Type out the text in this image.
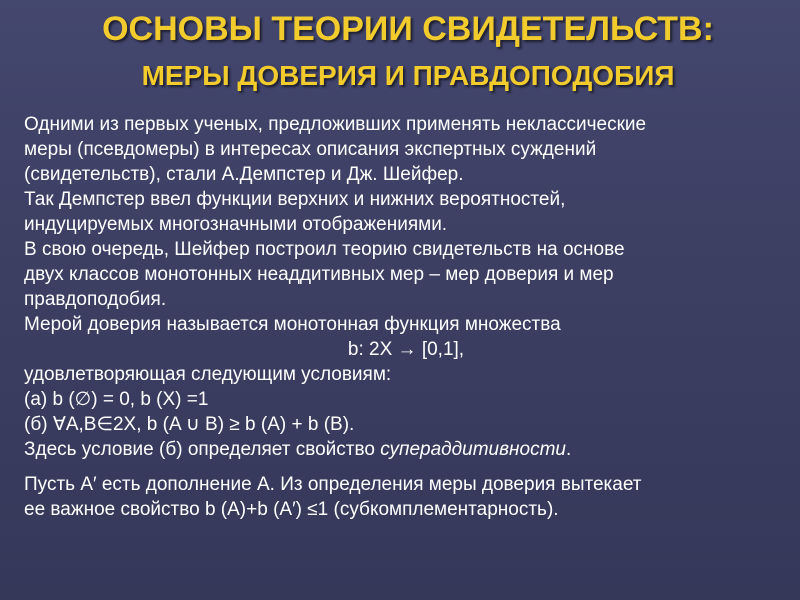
ОСНОВЫ ТЕОРИИ СВИДЕТЕЛЬСТВ:
МЕРЫ ДОВЕРИЯ И ПРАВДОПОДОБИЯ
Одними из первых ученых, предложивших применять неклассические
меры (псевдомеры) в интересах описания экспертных суждений
(свидетельств), стали А.Демпстер и Дж. Шейфер.
Так Демпстер ввел функции верхних и нижних вероятностей,
индуцируемых многозначными отображениями.
В свою очередь, Шейфер построил теорию свидетельств на основе
двух классов монотонных неаддитивных мер – мер доверия и мер
правдоподобия.
Мерой доверия называется монотонная функция множества
b: 2X → [0,1],
удовлетворяющая следующим условиям:
(а) b (∅) = 0, b (X) =1
(б) ∀A,B∈2X, b (A ∪ B) ≥ b (A) + b (B).
Здесь условие (б) определяет свойство супераддитивности.
Пусть A′ есть дополнение А. Из определения меры доверия вытекает
ее важное свойство b (A)+b (A′) ≤1 (субкомплементарность).
